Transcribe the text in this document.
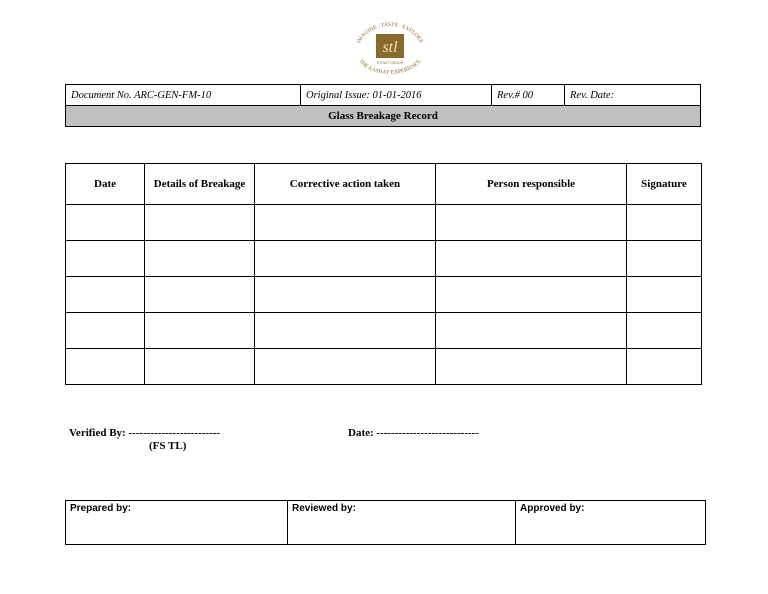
IMAGINE . TASTE . EXPLORE
stl
STRAIT GROUP
THE AASHAY EXPERIENCE
Document No. ARC-GEN-FM-10	Original Issue: 01-01-2016	Rev.# 00	Rev. Date:
Glass Breakage Record
Date	Details of Breakage	Corrective action taken	Person responsible	Signature

Verified By: -------------------------
(FS TL)
Date: ----------------------------
Prepared by:	Reviewed by:	Approved by:
